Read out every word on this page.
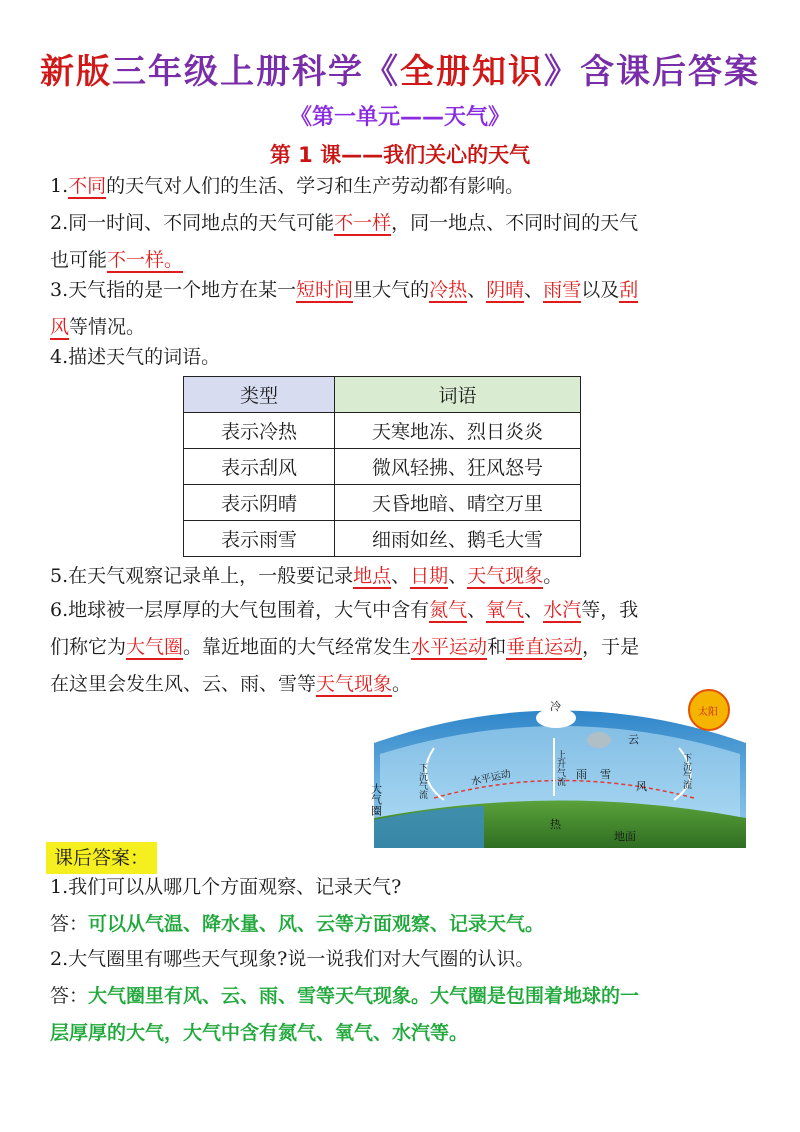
新版三年级上册科学《全册知识》含课后答案
《第一单元——天气》
第 1 课——我们关心的天气
1.不同的天气对人们的生活、学习和生产劳动都有影响。
2.同一时间、不同地点的天气可能不一样，同一地点、不同时间的天气
也可能不一样。
3.天气指的是一个地方在某一短时间里大气的冷热、阴晴、雨雪以及刮
风等情况。
4.描述天气的词语。
类型	词语
表示冷热	天寒地冻、烈日炎炎
表示刮风	微风轻拂、狂风怒号
表示阴晴	天昏地暗、晴空万里
表示雨雪	细雨如丝、鹅毛大雪
5.在天气观察记录单上，一般要记录地点、日期、天气现象。
6.地球被一层厚厚的大气包围着，大气中含有氮气、氧气、水汽等，我
们称它为大气圈。靠近地面的大气经常发生水平运动和垂直运动，于是
在这里会发生风、云、雨、雪等天气现象。
太阳
大气圈
冷
云
下沉气流	下沉气流
水平运动	上升气流 雨 雪
风
热
地面
课后答案：
1.我们可以从哪几个方面观察、记录天气?
答：可以从气温、降水量、风、云等方面观察、记录天气。
2.大气圈里有哪些天气现象?说一说我们对大气圈的认识。
答：大气圈里有风、云、雨、雪等天气现象。大气圈是包围着地球的一
层厚厚的大气，大气中含有氮气、氧气、水汽等。
